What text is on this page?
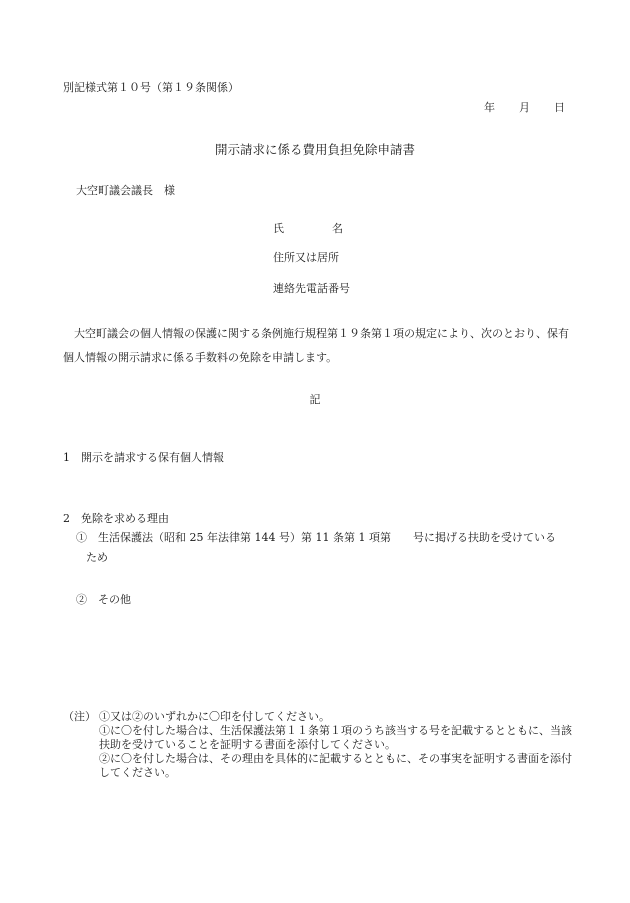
別記様式第１０号（第１９条関係）
年 月 日
開示請求に係る費用負担免除申請書
大空町議会議長　様
氏	名
住所又は居所
連絡先電話番号
大空町議会の個人情報の保護に関する条例施行規程第１９条第１項の規定により、次のとおり、保有個人情報の開示請求に係る手数料の免除を申請します。
記
1　開示を請求する保有個人情報
2　免除を求める理由
①　生活保護法（昭和 25 年法律第 144 号）第 11 条第 1 項第　　号に掲げる扶助を受けている
ため
②　その他
（注） ①又は②のいずれかに〇印を付してください。
①に〇を付した場合は、生活保護法第１１条第１項のうち該当する号を記載するとともに、当該扶助を受けていることを証明する書面を添付してください。
②に〇を付した場合は、その理由を具体的に記載するとともに、その事実を証明する書面を添付してください。
